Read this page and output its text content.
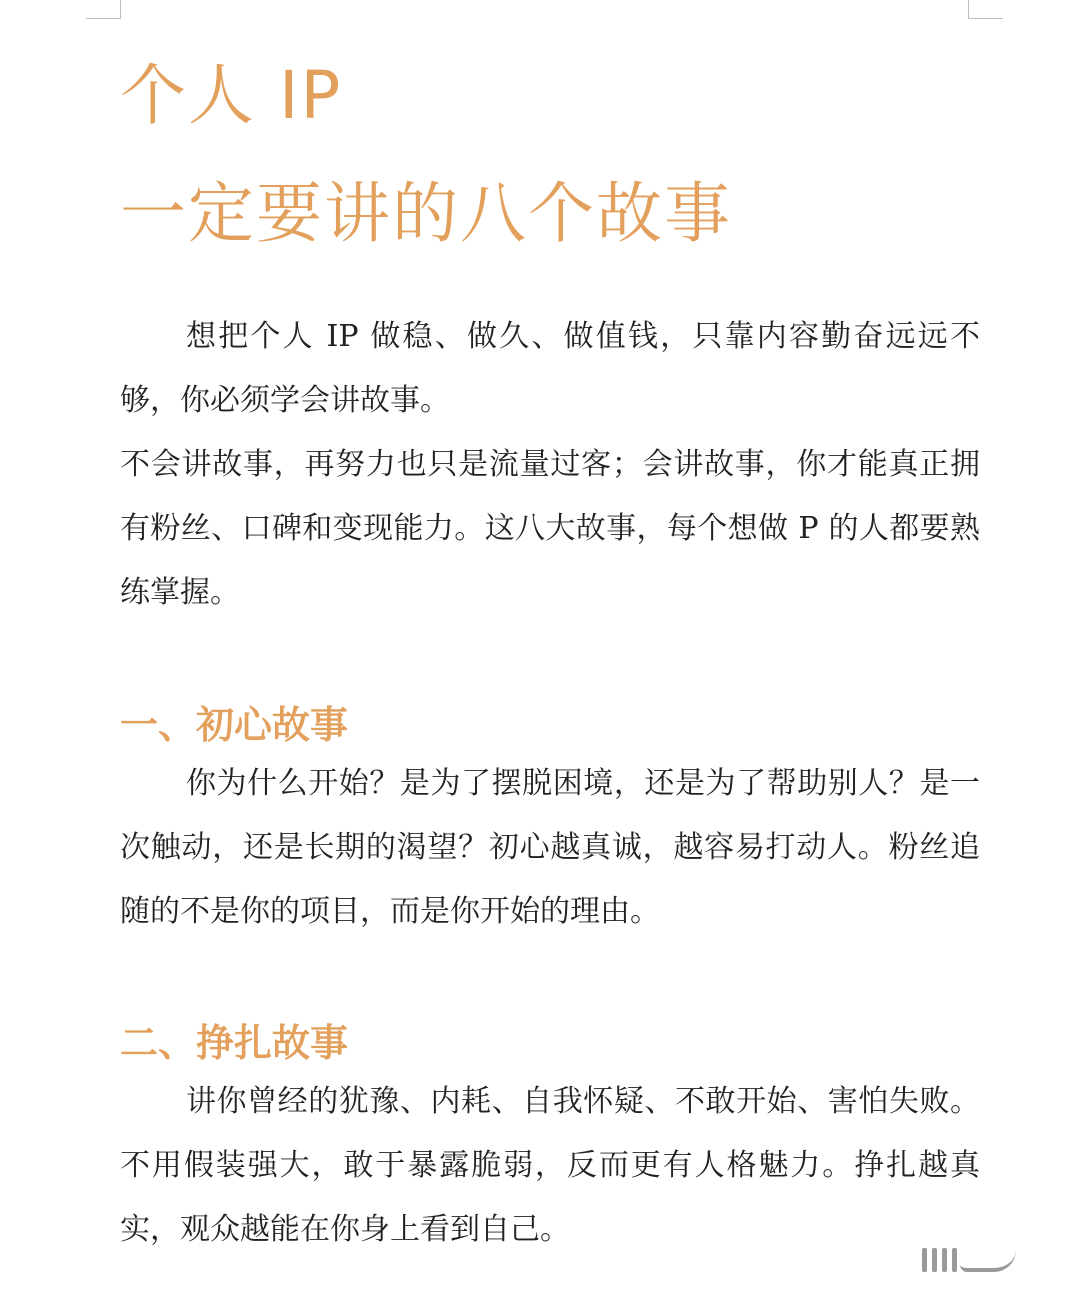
个人 IP
一定要讲的八个故事

想把个人 IP 做稳、做久、做值钱，只靠内容勤奋远远不够，你必须学会讲故事。

不会讲故事，再努力也只是流量过客；会讲故事，你才能真正拥有粉丝、口碑和变现能力。这八大故事，每个想做 P 的人都要熟练掌握。

一、初心故事

你为什么开始？是为了摆脱困境，还是为了帮助别人？是一次触动，还是长期的渴望？初心越真诚，越容易打动人。粉丝追随的不是你的项目，而是你开始的理由。

二、挣扎故事

讲你曾经的犹豫、内耗、自我怀疑、不敢开始、害怕失败。不用假装强大，敢于暴露脆弱，反而更有人格魅力。挣扎越真实，观众越能在你身上看到自己。
